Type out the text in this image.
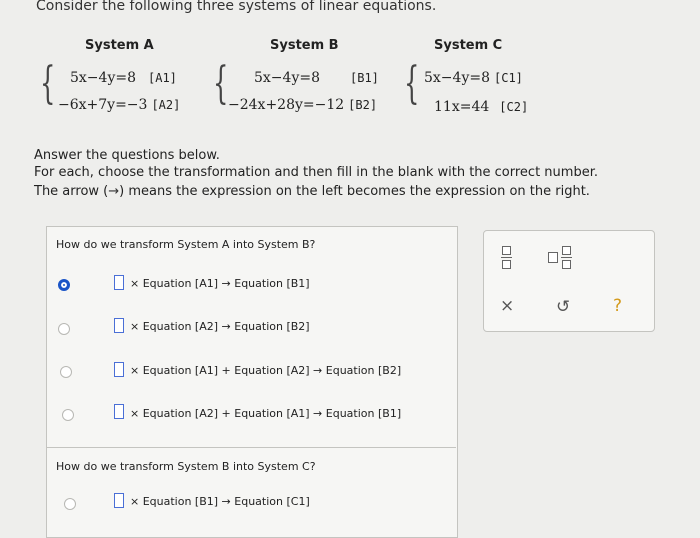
Consider the following three systems of linear equations.
System A	System B	System C
{	{	{
5x−4y=8 [A1]
−6x+7y=−3 [A2]
5x−4y=8	[B1]
−24x+28y=−12 [B2]
5x−4y=8 [C1]
11x=44 [C2]
Answer the questions below.
For each, choose the transformation and then fill in the blank with the correct number.
The arrow (→) means the expression on the left becomes the expression on the right.
How do we transform System A into System B?
× Equation [A1] → Equation [B1]
× Equation [A2] → Equation [B2]
× Equation [A1] + Equation [A2] → Equation [B2]
× Equation [A2] + Equation [A1] → Equation [B1]
How do we transform System B into System C?
× Equation [B1] → Equation [C1]
× ↺	?
